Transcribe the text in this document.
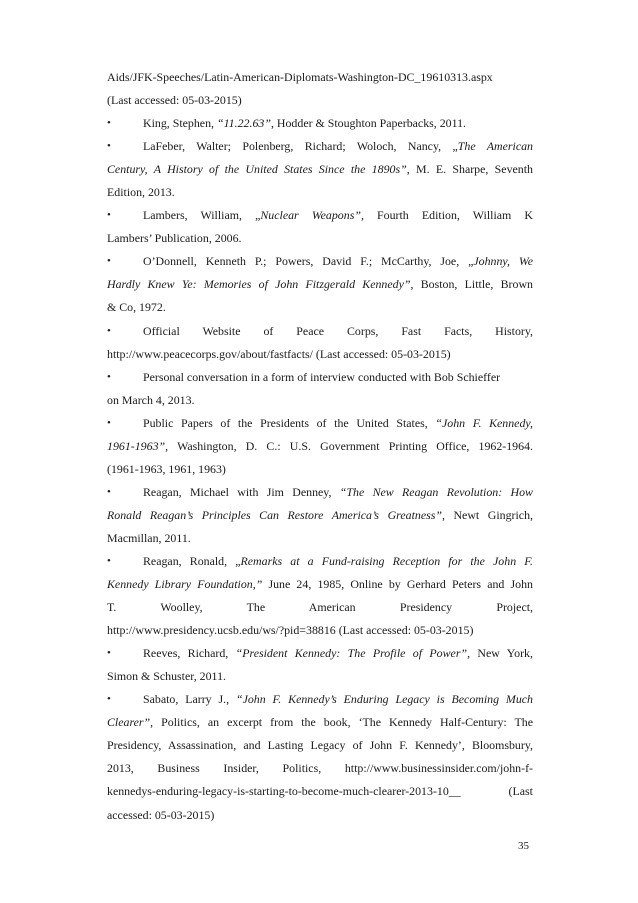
Aids/JFK-Speeches/Latin-American-Diplomats-Washington-DC_19610313.aspx
(Last accessed: 05-03-2015)
•	King, Stephen, “11.22.63”, Hodder & Stoughton Paperbacks, 2011.
•	LaFeber, Walter; Polenberg, Richard; Woloch, Nancy, „The American
Century, A History of the United States Since the 1890s”, M. E. Sharpe, Seventh
Edition, 2013.
•	Lambers, William, „Nuclear Weapons”, Fourth Edition, William K
Lambers’ Publication, 2006.
•	O’Donnell, Kenneth P.; Powers, David F.; McCarthy, Joe, „Johnny, We
Hardly Knew Ye: Memories of John Fitzgerald Kennedy”, Boston, Little, Brown
& Co, 1972.
•	Official Website of Peace Corps, Fast Facts, History,
http://www.peacecorps.gov/about/fastfacts/ (Last accessed: 05-03-2015)
•	Personal conversation in a form of interview conducted with Bob Schieffer
on March 4, 2013.
•	Public Papers of the Presidents of the United States, “John F. Kennedy,
1961-1963”, Washington, D. C.: U.S. Government Printing Office, 1962-1964.
(1961-1963, 1961, 1963)
•	Reagan, Michael with Jim Denney, “The New Reagan Revolution: How
Ronald Reagan’s Principles Can Restore America’s Greatness”, Newt Gingrich,
Macmillan, 2011.
•	Reagan, Ronald, „Remarks at a Fund-raising Reception for the John F.
Kennedy Library Foundation,” June 24, 1985, Online by Gerhard Peters and John
T. Woolley, The American Presidency Project,
http://www.presidency.ucsb.edu/ws/?pid=38816 (Last accessed: 05-03-2015)
•	Reeves, Richard, “President Kennedy: The Profile of Power”, New York,
Simon & Schuster, 2011.
•	Sabato, Larry J., “John F. Kennedy’s Enduring Legacy is Becoming Much
Clearer”, Politics, an excerpt from the book, ‘The Kennedy Half-Century: The
Presidency, Assassination, and Lasting Legacy of John F. Kennedy’, Bloomsbury,
2013, Business Insider, Politics, http://www.businessinsider.com/john-f-
kennedys-enduring-legacy-is-starting-to-become-much-clearer-2013-10__ (Last
accessed: 05-03-2015)
35
